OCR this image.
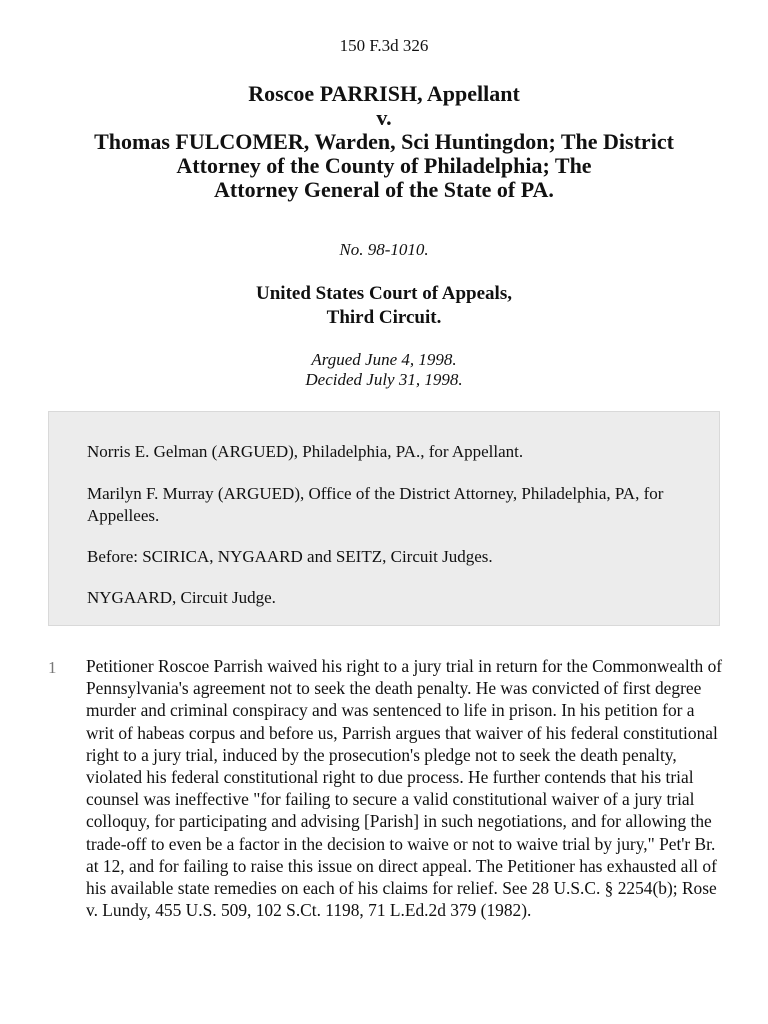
150 F.3d 326
Roscoe PARRISH, Appellant
v.
Thomas FULCOMER, Warden, Sci Huntingdon; The District
Attorney of the County of Philadelphia; The
Attorney General of the State of PA.
No. 98-1010.
United States Court of Appeals,
Third Circuit.
Argued June 4, 1998.
Decided July 31, 1998.

Norris E. Gelman (ARGUED), Philadelphia, PA., for Appellant.

Marilyn F. Murray (ARGUED), Office of the District Attorney, Philadelphia, PA, for Appellees.

Before: SCIRICA, NYGAARD and SEITZ, Circuit Judges.

NYGAARD, Circuit Judge.

1 Petitioner Roscoe Parrish waived his right to a jury trial in return for the Commonwealth of Pennsylvania's agreement not to seek the death penalty. He was convicted of first degree murder and criminal conspiracy and was sentenced to life in prison. In his petition for a writ of habeas corpus and before us, Parrish argues that waiver of his federal constitutional right to a jury trial, induced by the prosecution's pledge not to seek the death penalty, violated his federal constitutional right to due process. He further contends that his trial counsel was ineffective "for failing to secure a valid constitutional waiver of a jury trial colloquy, for participating and advising [Parish] in such negotiations, and for allowing the trade-off to even be a factor in the decision to waive or not to waive trial by jury," Pet'r Br. at 12, and for failing to raise this issue on direct appeal. The Petitioner has exhausted all of his available state remedies on each of his claims for relief. See 28 U.S.C. § 2254(b); Rose v. Lundy, 455 U.S. 509, 102 S.Ct. 1198, 71 L.Ed.2d 379 (1982).
